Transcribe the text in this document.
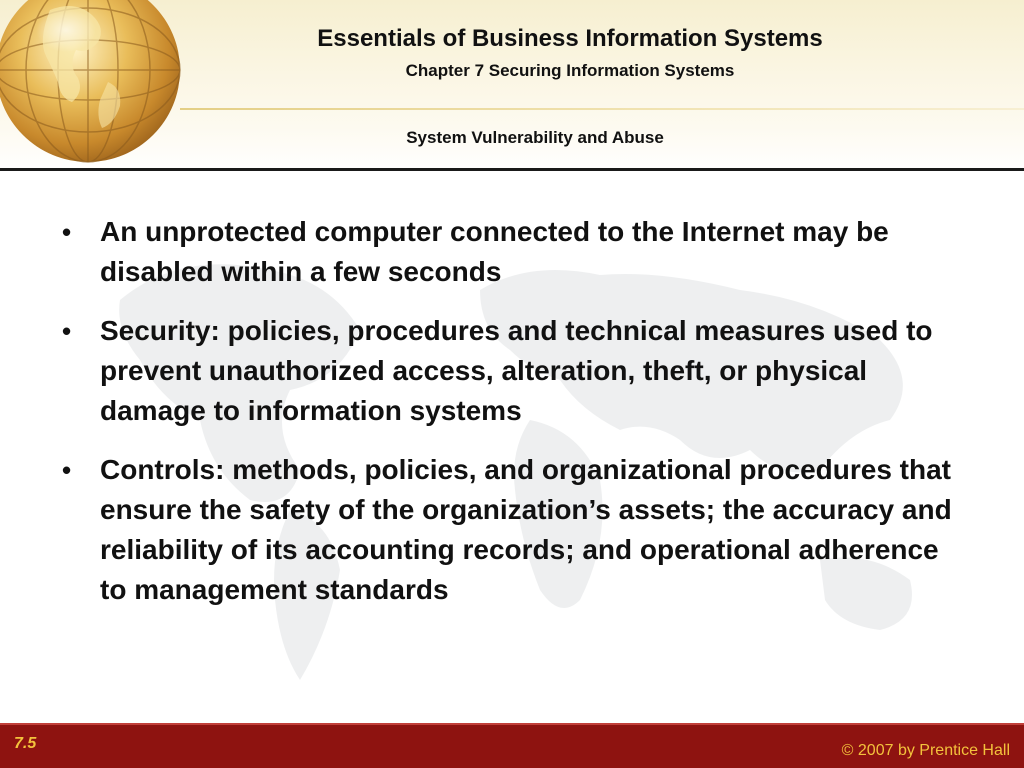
Essentials of Business Information Systems
Chapter 7 Securing Information Systems
System Vulnerability and Abuse
• An unprotected computer connected to the Internet may be disabled within a few seconds
• Security: policies, procedures and technical measures used to prevent unauthorized access, alteration, theft, or physical damage to information systems
• Controls: methods, policies, and organizational procedures that ensure the safety of the organization’s assets; the accuracy and reliability of its accounting records; and operational adherence to management standards
7.5	© 2007 by Prentice Hall
